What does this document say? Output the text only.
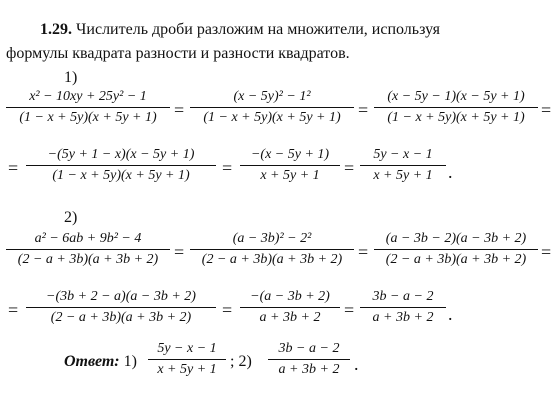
1.29. Числитель дроби разложим на множители, используя
формулы квадрата разности и разности квадратов.
1)
x² − 10xy + 25y² − 1
(1 − x + 5y)(x + 5y + 1) =
(x − 5y)² − 1²
(1 − x + 5y)(x + 5y + 1) =
(x − 5y − 1)(x − 5y + 1)
(1 − x + 5y)(x + 5y + 1) =
=
−(5y + 1 − x)(x − 5y + 1)
(1 − x + 5y)(x + 5y + 1)	=
−(x − 5y + 1)
x + 5y + 1	=
5y − x − 1
x + 5y + 1 .
2)
a² − 6ab + 9b² − 4
(2 − a + 3b)(a + 3b + 2) =
(a − 3b)² − 2²
(2 − a + 3b)(a + 3b + 2) =
(a − 3b − 2)(a − 3b + 2)
(2 − a + 3b)(a + 3b + 2) =
=
−(3b + 2 − a)(a − 3b + 2)
(2 − a + 3b)(a + 3b + 2)	=
−(a − 3b + 2)
a + 3b + 2	=
3b − a − 2
a + 3b + 2 .
Ответ: 1)
5y − x − 1
x + 5y + 1 ; 2)
3b − a − 2
a + 3b + 2 .
